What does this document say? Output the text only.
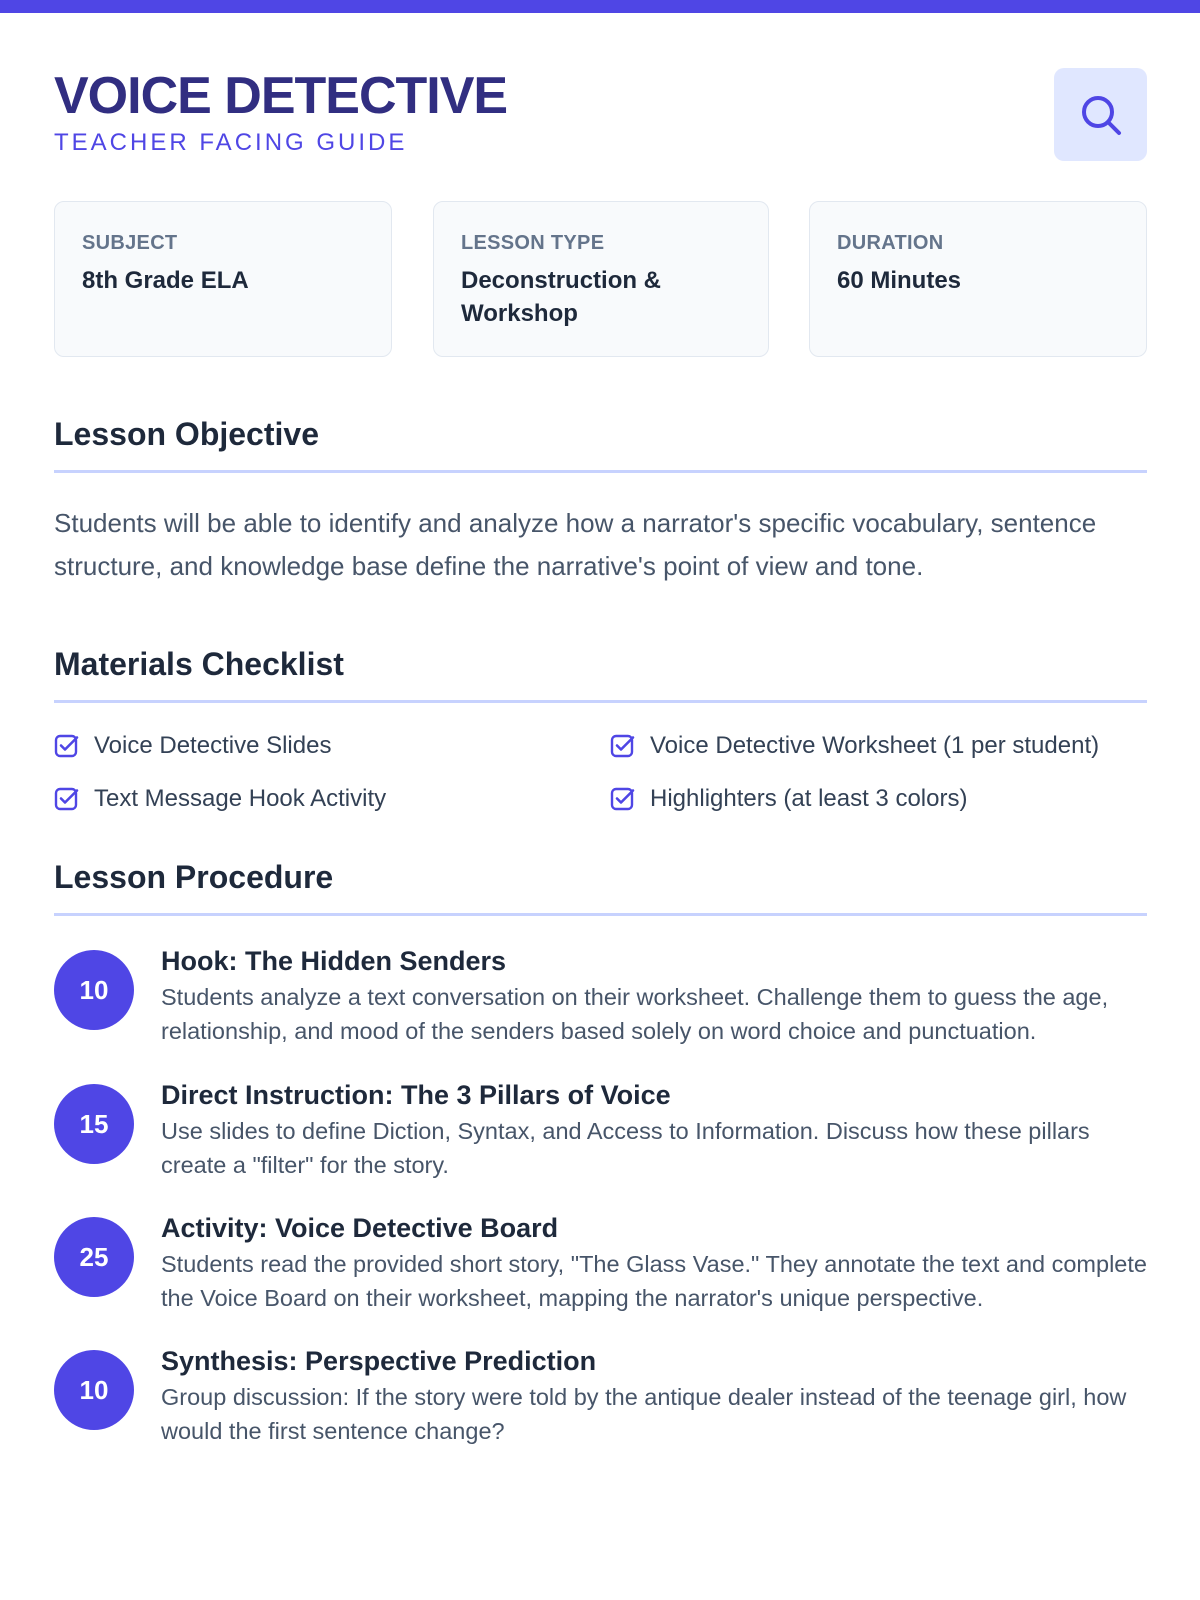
VOICE DETECTIVE
TEACHER FACING GUIDE
SUBJECT
8th Grade ELA
LESSON TYPE
Deconstruction & Workshop
DURATION
60 Minutes
Lesson Objective

Students will be able to identify and analyze how a narrator's specific vocabulary, sentence structure, and knowledge base define the narrative's point of view and tone.

Materials Checklist
Voice Detective Slides	Voice Detective Worksheet (1 per student)
Text Message Hook Activity	Highlighters (at least 3 colors)
Lesson Procedure
10
Hook: The Hidden Senders
Students analyze a text conversation on their worksheet. Challenge them to guess the age, relationship, and mood of the senders based solely on word choice and punctuation.
15
Direct Instruction: The 3 Pillars of Voice
Use slides to define Diction, Syntax, and Access to Information. Discuss how these pillars create a "filter" for the story.
25
Activity: Voice Detective Board
Students read the provided short story, "The Glass Vase." They annotate the text and complete the Voice Board on their worksheet, mapping the narrator's unique perspective.
10
Synthesis: Perspective Prediction
Group discussion: If the story were told by the antique dealer instead of the teenage girl, how would the first sentence change?
